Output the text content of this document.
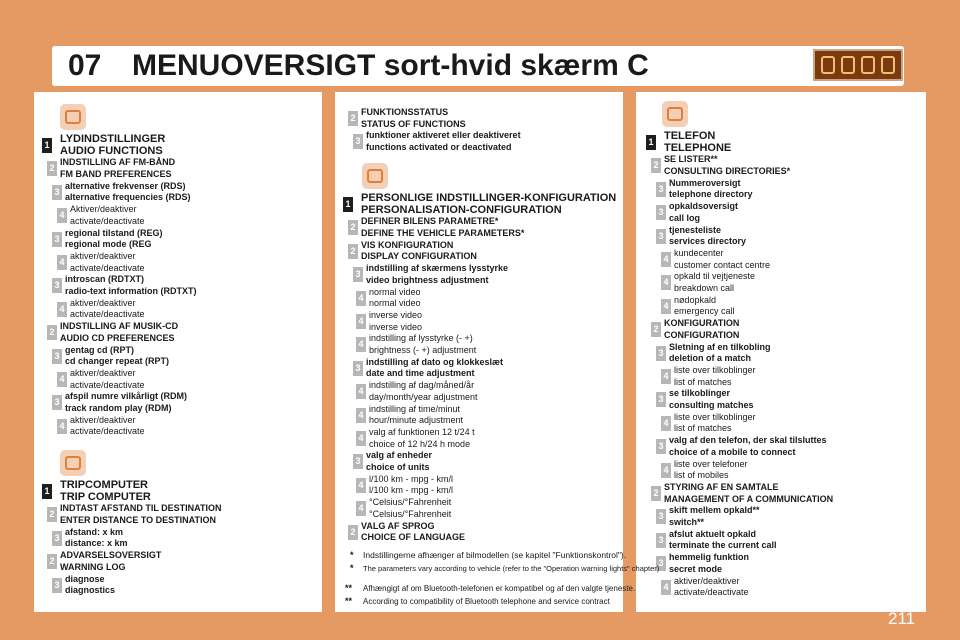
07 MENUOVERSIGT sort-hvid skærm C
1 LYDINDSTILLINGER
AUDIO FUNCTIONS
2
INDSTILLING AF FM-BÅND
FM BAND PREFERENCES
3
alternative frekvenser (RDS)
alternative frequencies (RDS)
4
Aktiver/deaktiver
activate/deactivate
3
regional tilstand (REG)
regional mode (REG
4
aktiver/deaktiver
activate/deactivate
3
introscan (RDTXT)
radio-text information (RDTXT)
4
aktiver/deaktiver
activate/deactivate
2
INDSTILLING AF MUSIK-CD
AUDIO CD PREFERENCES
3
gentag cd (RPT)
cd changer repeat (RPT)
4
aktiver/deaktiver
activate/deactivate
3
afspil numre vilkårligt (RDM)
track random play (RDM)
4
aktiver/deaktiver
activate/deactivate
1 TRIPCOMPUTER
TRIP COMPUTER
2
INDTAST AFSTAND TIL DESTINATION
ENTER DISTANCE TO DESTINATION
3
afstand: x km
distance: x km
2
ADVARSELSOVERSIGT
WARNING LOG
3
diagnose
diagnostics
2
FUNKTIONSSTATUS
STATUS OF FUNCTIONS
3
funktioner aktiveret eller deaktiveret
functions activated or deactivated
1 PERSONLIGE INDSTILLINGER-KONFIGURATION
PERSONALISATION-CONFIGURATION
2
DEFINER BILENS PARAMETRE*
DEFINE THE VEHICLE PARAMETERS*
2
VIS KONFIGURATION
DISPLAY CONFIGURATION
3
indstilling af skærmens lysstyrke
video brightness adjustment
4
normal video
normal video
4
inverse video
inverse video
4
indstilling af lysstyrke (- +)
brightness (- +) adjustment
3
indstilling af dato og klokkeslæt
date and time adjustment
4
indstilling af dag/måned/år
day/month/year adjustment
4
indstilling af time/minut
hour/minute adjustment
4
valg af funktionen 12 t/24 t
choice of 12 h/24 h mode
3
valg af enheder
choice of units
4
l/100 km - mpg - km/l
l/100 km - mpg - km/l
4
°Celsius/°Fahrenheit
°Celsius/°Fahrenheit
2
VALG AF SPROG
CHOICE OF LANGUAGE
1 TELEFON
TELEPHONE
2
SE LISTER**
CONSULTING DIRECTORIES*
3
Nummeroversigt
telephone directory
3
opkaldsoversigt
call log
3
tjenesteliste
services directory
4
kundecenter
customer contact centre
4
opkald til vejtjeneste
breakdown call
4
nødopkald
emergency call
2
KONFIGURATION
CONFIGURATION
3
Sletning af en tilkobling
deletion of a match
4
liste over tilkoblinger
list of matches
3
se tilkoblinger
consulting matches
4
liste over tilkoblinger
list of matches
3
valg af den telefon, der skal tilsluttes
choice of a mobile to connect
4
liste over telefoner
list of mobiles
2
STYRING AF EN SAMTALE
MANAGEMENT OF A COMMUNICATION
3
skift mellem opkald**
switch**
3
afslut aktuelt opkald
terminate the current call
3
hemmelig funktion
secret mode
4
aktiver/deaktiver
activate/deactivate
* Indstillingerne afhænger af bilmodellen (se kapitel "Funktionskontrol").
* The parameters vary according to vehicle (refer to the "Operation warning lights" chapter)
** Afhængigt af om Bluetooth-telefonen er kompatibel og af den valgte tjeneste.
** According to compatibility of Bluetooth telephone and service contract
211
